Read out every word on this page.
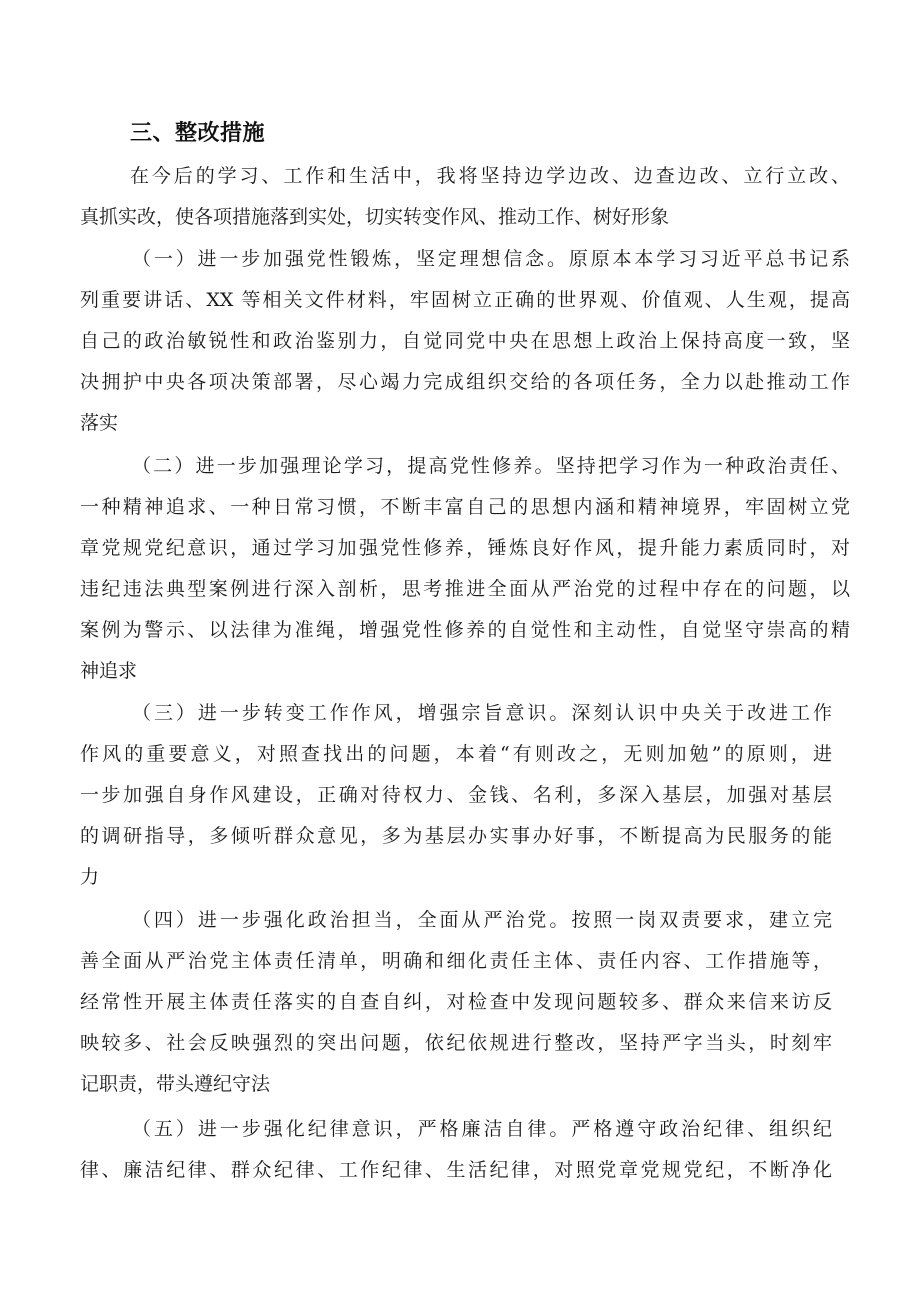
三、整改措施
在今后的学习、工作和生活中，我将坚持边学边改、边查边改、立行立改、
真抓实改，使各项措施落到实处，切实转变作风、推动工作、树好形象
（一）进一步加强党性锻炼，坚定理想信念。原原本本学习习近平总书记系
列重要讲话、XX 等相关文件材料，牢固树立正确的世界观、价值观、人生观，提高
自己的政治敏锐性和政治鉴别力，自觉同党中央在思想上政治上保持高度一致，坚
决拥护中央各项决策部署，尽心竭力完成组织交给的各项任务，全力以赴推动工作
落实
（二）进一步加强理论学习，提高党性修养。坚持把学习作为一种政治责任、
一种精神追求、一种日常习惯，不断丰富自己的思想内涵和精神境界，牢固树立党
章党规党纪意识，通过学习加强党性修养，锤炼良好作风，提升能力素质同时，对
违纪违法典型案例进行深入剖析，思考推进全面从严治党的过程中存在的问题，以
案例为警示、以法律为准绳，增强党性修养的自觉性和主动性，自觉坚守崇高的精
神追求
（三）进一步转变工作作风，增强宗旨意识。深刻认识中央关于改进工作
作风的重要意义，对照查找出的问题，本着“有则改之，无则加勉”的原则，进
一步加强自身作风建设，正确对待权力、金钱、名利，多深入基层，加强对基层
的调研指导，多倾听群众意见，多为基层办实事办好事，不断提高为民服务的能
力
（四）进一步强化政治担当，全面从严治党。按照一岗双责要求，建立完
善全面从严治党主体责任清单，明确和细化责任主体、责任内容、工作措施等，
经常性开展主体责任落实的自查自纠，对检查中发现问题较多、群众来信来访反
映较多、社会反映强烈的突出问题，依纪依规进行整改，坚持严字当头，时刻牢
记职责，带头遵纪守法
（五）进一步强化纪律意识，严格廉洁自律。严格遵守政治纪律、组织纪
律、廉洁纪律、群众纪律、工作纪律、生活纪律，对照党章党规党纪，不断净化
